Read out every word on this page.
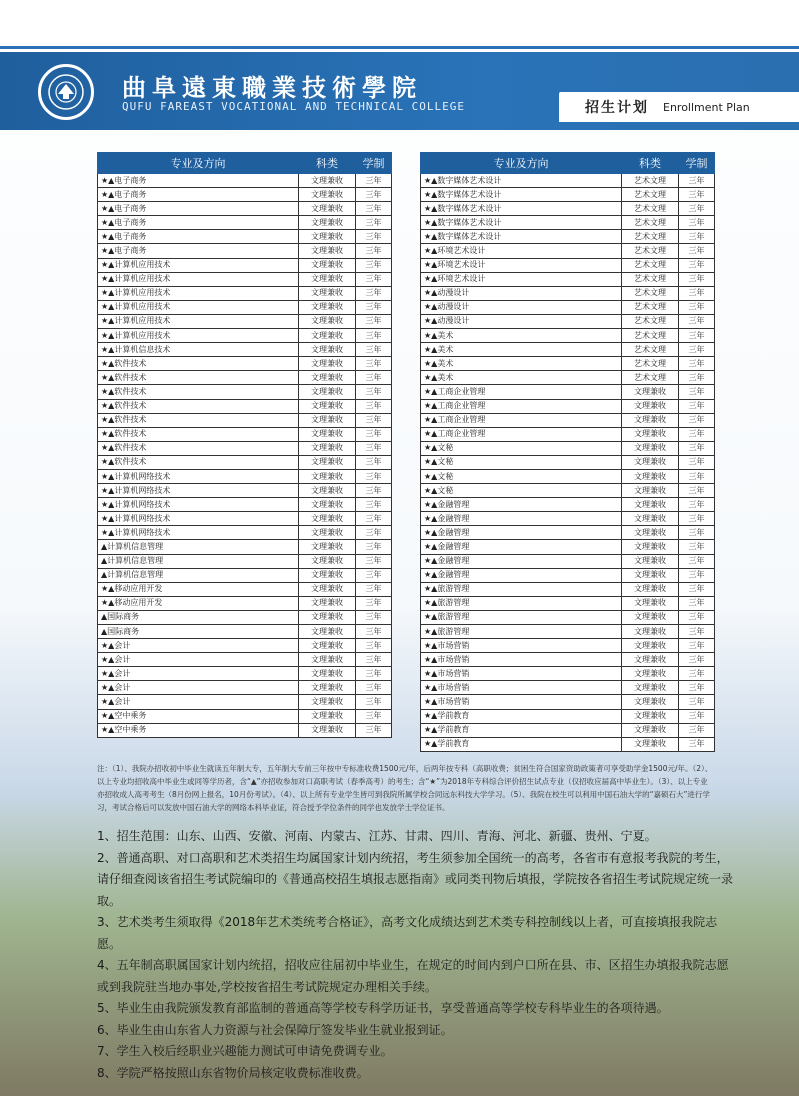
曲阜遠東職業技術學院
QUFU FAREAST VOCATIONAL AND TECHNICAL COLLEGE	招生计划 Enrollment Plan
专业及方向	科类	学制
★▲电子商务	文理兼收	三年
★▲电子商务	文理兼收	三年
★▲电子商务	文理兼收	三年
★▲电子商务	文理兼收	三年
★▲电子商务	文理兼收	三年
★▲电子商务	文理兼收	三年
★▲计算机应用技术	文理兼收	三年
★▲计算机应用技术	文理兼收	三年
★▲计算机应用技术	文理兼收	三年
★▲计算机应用技术	文理兼收	三年
★▲计算机应用技术	文理兼收	三年
★▲计算机应用技术	文理兼收	三年
★▲计算机信息技术	文理兼收	三年
★▲软件技术	文理兼收	三年
★▲软件技术	文理兼收	三年
★▲软件技术	文理兼收	三年
★▲软件技术	文理兼收	三年
★▲软件技术	文理兼收	三年
★▲软件技术	文理兼收	三年
★▲软件技术	文理兼收	三年
★▲软件技术	文理兼收	三年
★▲计算机网络技术	文理兼收	三年
★▲计算机网络技术	文理兼收	三年
★▲计算机网络技术	文理兼收	三年
★▲计算机网络技术	文理兼收	三年
★▲计算机网络技术	文理兼收	三年
▲计算机信息管理	文理兼收	三年
▲计算机信息管理	文理兼收	三年
▲计算机信息管理	文理兼收	三年
★▲移动应用开发	文理兼收	三年
★▲移动应用开发	文理兼收	三年
▲国际商务	文理兼收	三年
▲国际商务	文理兼收	三年
★▲会计	文理兼收	三年
★▲会计	文理兼收	三年
★▲会计	文理兼收	三年
★▲会计	文理兼收	三年
★▲会计	文理兼收	三年
★▲空中乘务	文理兼收	三年
★▲空中乘务	文理兼收	三年
专业及方向	科类	学制
★▲数字媒体艺术设计	艺术文理	三年
★▲数字媒体艺术设计	艺术文理	三年
★▲数字媒体艺术设计	艺术文理	三年
★▲数字媒体艺术设计	艺术文理	三年
★▲数字媒体艺术设计	艺术文理	三年
★▲环境艺术设计	艺术文理	三年
★▲环境艺术设计	艺术文理	三年
★▲环境艺术设计	艺术文理	三年
★▲动漫设计	艺术文理	三年
★▲动漫设计	艺术文理	三年
★▲动漫设计	艺术文理	三年
★▲美术	艺术文理	三年
★▲美术	艺术文理	三年
★▲美术	艺术文理	三年
★▲美术	艺术文理	三年
★▲工商企业管理	文理兼收	三年
★▲工商企业管理	文理兼收	三年
★▲工商企业管理	文理兼收	三年
★▲工商企业管理	文理兼收	三年
★▲文秘	文理兼收	三年
★▲文秘	文理兼收	三年
★▲文秘	文理兼收	三年
★▲文秘	文理兼收	三年
★▲金融管理	文理兼收	三年
★▲金融管理	文理兼收	三年
★▲金融管理	文理兼收	三年
★▲金融管理	文理兼收	三年
★▲金融管理	文理兼收	三年
★▲金融管理	文理兼收	三年
★▲旅游管理	文理兼收	三年
★▲旅游管理	文理兼收	三年
★▲旅游管理	文理兼收	三年
★▲旅游管理	文理兼收	三年
★▲市场营销	文理兼收	三年
★▲市场营销	文理兼收	三年
★▲市场营销	文理兼收	三年
★▲市场营销	文理兼收	三年
★▲市场营销	文理兼收	三年
★▲学前教育	文理兼收	三年
★▲学前教育	文理兼收	三年
★▲学前教育	文理兼收	三年
注：（1）、我院办招收初中毕业生就读五年制大专，五年制大专前三年按中专标准收费1500元/年，后两年按专科（高职收费；贫困生符合国家资助政策者可享受助学金1500元/年。（2）、以上专业均招收高中毕业生或同等学历者，含“▲”亦招收参加对口高职考试（春季高考）的考生；含“★”为2018年专科综合评价招生试点专业（仅招收应届高中毕业生）。（3）、以上专业亦招收成人高考考生（8月份网上报名，10月份考试）。（4）、以上所有专业学生皆可到我院所属学校合同远东科技大学学习。（5）、我院在校生可以利用中国石油大学的“嘉硕石大”进行学习，考试合格后可以发放中国石油大学的网络本科毕业证，符合授予学位条件的同学也发放学士学位证书。

1、招生范围：山东、山西、安徽、河南、内蒙古、江苏、甘肃、四川、青海、河北、新疆、贵州、宁夏。

2、普通高职、对口高职和艺术类招生均属国家计划内统招，考生须参加全国统一的高考，各省市有意报考我院的考生，请仔细查阅该省招生考试院编印的《普通高校招生填报志愿指南》或同类刊物后填报，学院按各省招生考试院规定统一录取。

3、艺术类考生须取得《2018年艺术类统考合格证》，高考文化成绩达到艺术类专科控制线以上者，可直接填报我院志愿。

4、五年制高职属国家计划内统招，招收应往届初中毕业生，在规定的时间内到户口所在县、市、区招生办填报我院志愿或到我院驻当地办事处,学校按省招生考试院规定办理相关手续。

5、毕业生由我院颁发教育部监制的普通高等学校专科学历证书，享受普通高等学校专科毕业生的各项待遇。

6、毕业生由山东省人力资源与社会保障厅签发毕业生就业报到证。

7、学生入校后经职业兴趣能力测试可申请免费调专业。

8、学院严格按照山东省物价局核定收费标准收费。
